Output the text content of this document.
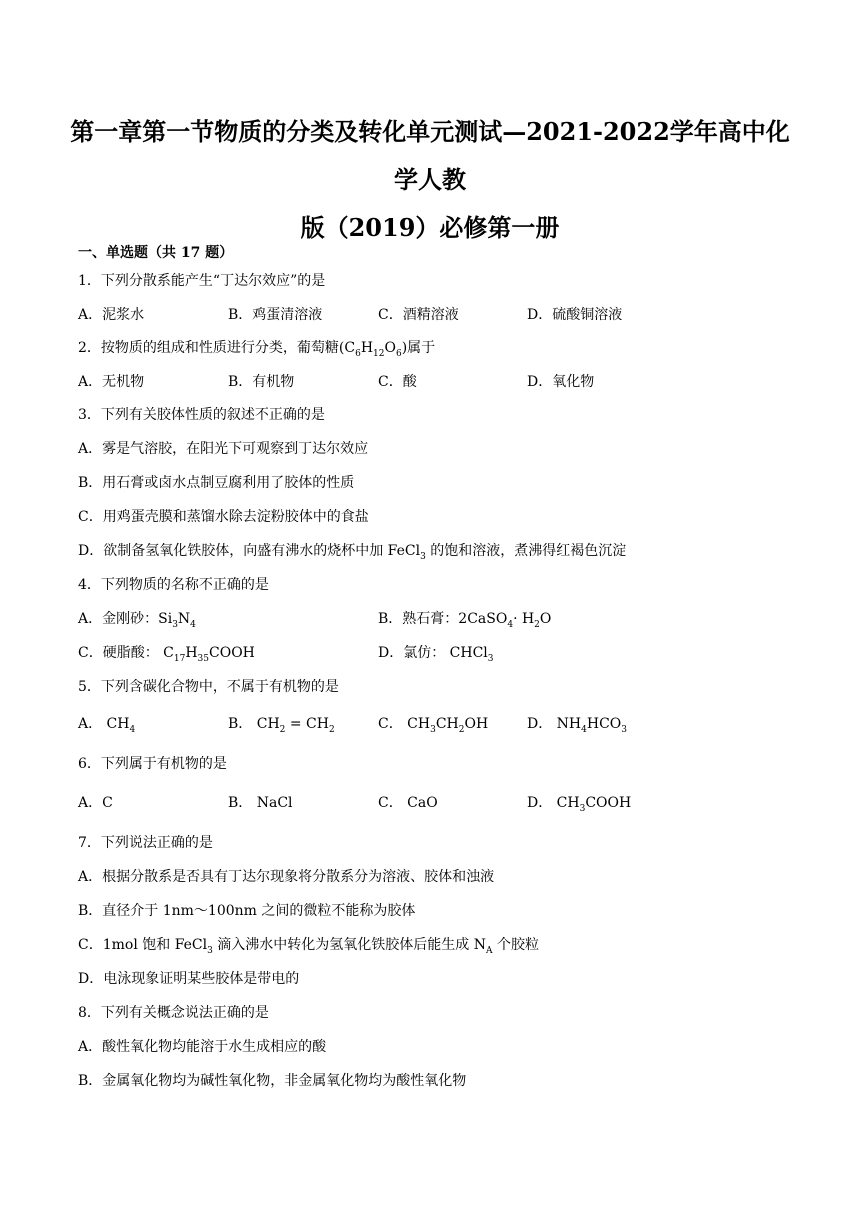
第一章第一节物质的分类及转化单元测试—2021-2022学年高中化学人教
版（2019）必修第一册
一、单选题（共 17 题）
1．下列分散系能产生“丁达尔效应”的是
A．泥浆水	B．鸡蛋清溶液	C．酒精溶液	D．硫酸铜溶液
2．按物质的组成和性质进行分类，葡萄糖$(C_6H_{12}O_6)$属于
A．无机物	B．有机物	C．酸	D．氧化物
3．下列有关胶体性质的叙述不正确的是
A．雾是气溶胶，在阳光下可观察到丁达尔效应
B．用石膏或卤水点制豆腐利用了胶体的性质
C．用鸡蛋壳膜和蒸馏水除去淀粉胶体中的食盐
D．欲制备氢氧化铁胶体，向盛有沸水的烧杯中加 FeCl$_3$ 的饱和溶液，煮沸得红褐色沉淀
4．下列物质的名称不正确的是
A．金刚砂：$Si_3N_4$	B．熟石膏：2CaSO$_4$· $H_2O$
C．硬脂酸： $C_{17}H_{35}COOH$	D．氯仿： CHCl$_3$
5．下列含碳化合物中，不属于有机物的是
A． $CH_4$	B． $CH_2 = CH_2$	C． $CH_3CH_2OH$	D． $NH_4HCO_3$
6．下列属于有机物的是
A．C	B． NaCl	C． CaO	D． $CH_3COOH$
7．下列说法正确的是
A．根据分散系是否具有丁达尔现象将分散系分为溶液、胶体和浊液
B．直径介于 1nm～100nm 之间的微粒不能称为胶体
C．1mol 饱和 FeCl$_3$ 滴入沸水中转化为氢氧化铁胶体后能生成 $N_A$ 个胶粒
D．电泳现象证明某些胶体是带电的
8．下列有关概念说法正确的是
A．酸性氧化物均能溶于水生成相应的酸
B．金属氧化物均为碱性氧化物，非金属氧化物均为酸性氧化物
